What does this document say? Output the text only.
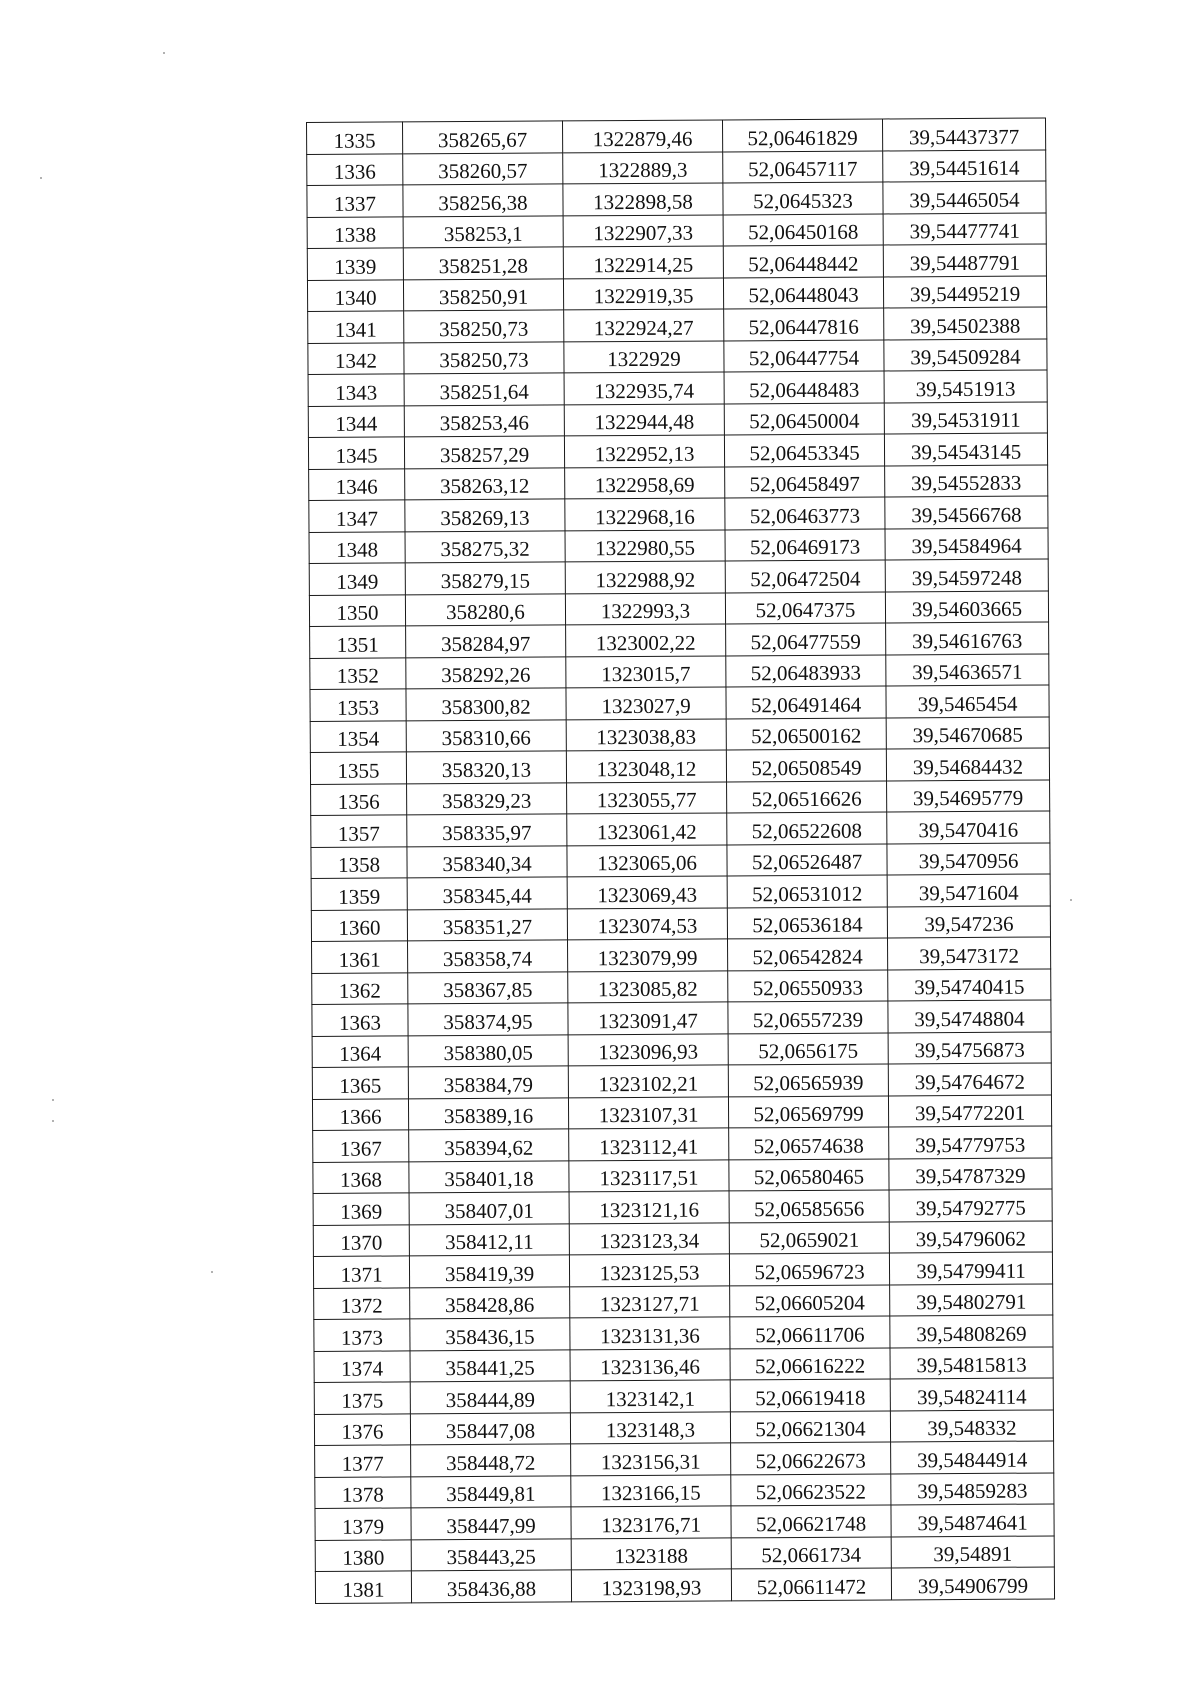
1335	358265,67	1322879,46	52,06461829	39,54437377
1336	358260,57	1322889,3	52,06457117	39,54451614
1337	358256,38	1322898,58	52,0645323	39,54465054
1338	358253,1	1322907,33	52,06450168	39,54477741
1339	358251,28	1322914,25	52,06448442	39,54487791
1340	358250,91	1322919,35	52,06448043	39,54495219
1341	358250,73	1322924,27	52,06447816	39,54502388
1342	358250,73	1322929	52,06447754	39,54509284
1343	358251,64	1322935,74	52,06448483	39,5451913
1344	358253,46	1322944,48	52,06450004	39,54531911
1345	358257,29	1322952,13	52,06453345	39,54543145
1346	358263,12	1322958,69	52,06458497	39,54552833
1347	358269,13	1322968,16	52,06463773	39,54566768
1348	358275,32	1322980,55	52,06469173	39,54584964
1349	358279,15	1322988,92	52,06472504	39,54597248
1350	358280,6	1322993,3	52,0647375	39,54603665
1351	358284,97	1323002,22	52,06477559	39,54616763
1352	358292,26	1323015,7	52,06483933	39,54636571
1353	358300,82	1323027,9	52,06491464	39,5465454
1354	358310,66	1323038,83	52,06500162	39,54670685
1355	358320,13	1323048,12	52,06508549	39,54684432
1356	358329,23	1323055,77	52,06516626	39,54695779
1357	358335,97	1323061,42	52,06522608	39,5470416
1358	358340,34	1323065,06	52,06526487	39,5470956
1359	358345,44	1323069,43	52,06531012	39,5471604
1360	358351,27	1323074,53	52,06536184	39,547236
1361	358358,74	1323079,99	52,06542824	39,5473172
1362	358367,85	1323085,82	52,06550933	39,54740415
1363	358374,95	1323091,47	52,06557239	39,54748804
1364	358380,05	1323096,93	52,0656175	39,54756873
1365	358384,79	1323102,21	52,06565939	39,54764672
1366	358389,16	1323107,31	52,06569799	39,54772201
1367	358394,62	1323112,41	52,06574638	39,54779753
1368	358401,18	1323117,51	52,06580465	39,54787329
1369	358407,01	1323121,16	52,06585656	39,54792775
1370	358412,11	1323123,34	52,0659021	39,54796062
1371	358419,39	1323125,53	52,06596723	39,54799411
1372	358428,86	1323127,71	52,06605204	39,54802791
1373	358436,15	1323131,36	52,06611706	39,54808269
1374	358441,25	1323136,46	52,06616222	39,54815813
1375	358444,89	1323142,1	52,06619418	39,54824114
1376	358447,08	1323148,3	52,06621304	39,548332
1377	358448,72	1323156,31	52,06622673	39,54844914
1378	358449,81	1323166,15	52,06623522	39,54859283
1379	358447,99	1323176,71	52,06621748	39,54874641
1380	358443,25	1323188	52,0661734	39,54891
1381	358436,88	1323198,93	52,06611472	39,54906799
